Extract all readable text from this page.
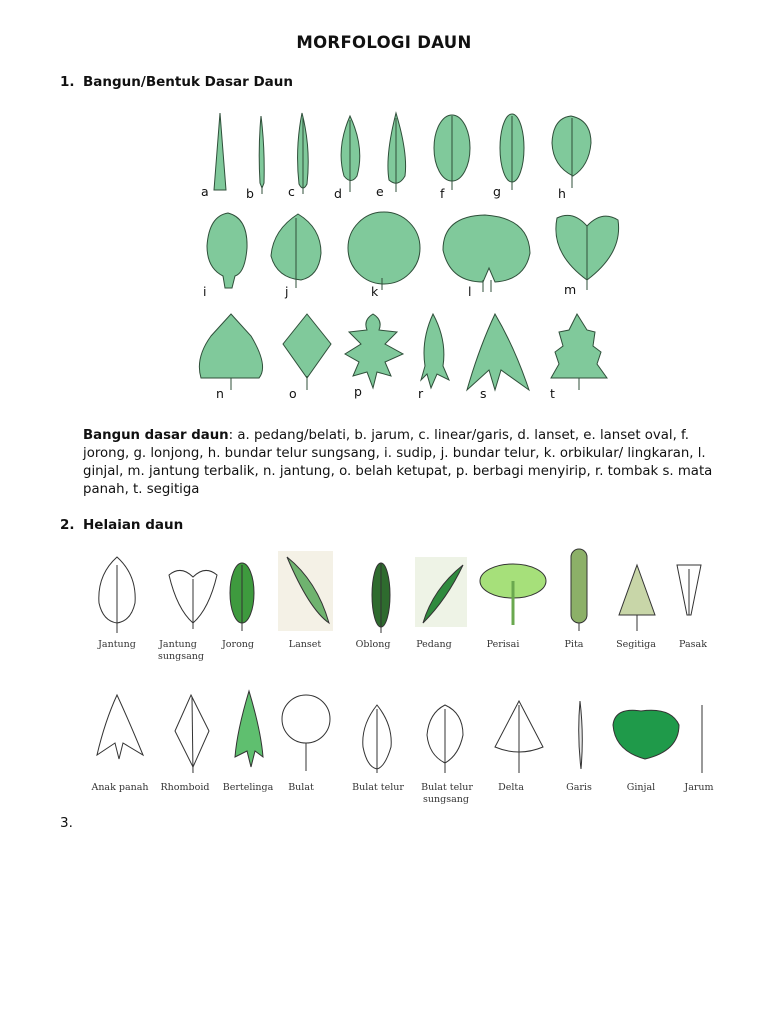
MORFOLOGI DAUN
1. Bangun/Bentuk Dasar Daun
a	b	c	d	e	f	g	h
i	j	k	l	m
n	o	p	r	s	t
Bangun dasar daun: a. pedang/belati, b. jarum, c. linear/garis, d. lanset, e. lanset oval, f. jorong, g. lonjong, h. bundar telur sungsang, i. sudip, j. bundar telur, k. orbikular/ lingkaran, l. ginjal, m. jantung terbalik, n. jantung, o. belah ketupat, p. berbagi menyirip, r. tombak s. mata panah, t. segitiga
2. Helaian daun
Jantung Jantung
sungsang
Jorong	Lanset	Oblong	Pedang	Perisai	Pita	Segitiga Pasak
Anak panah Rhomboid Bertelinga Bulat	Bulat telur Bulat telur
sungsang
Delta	Garis	Ginjal	Jarum
3.
